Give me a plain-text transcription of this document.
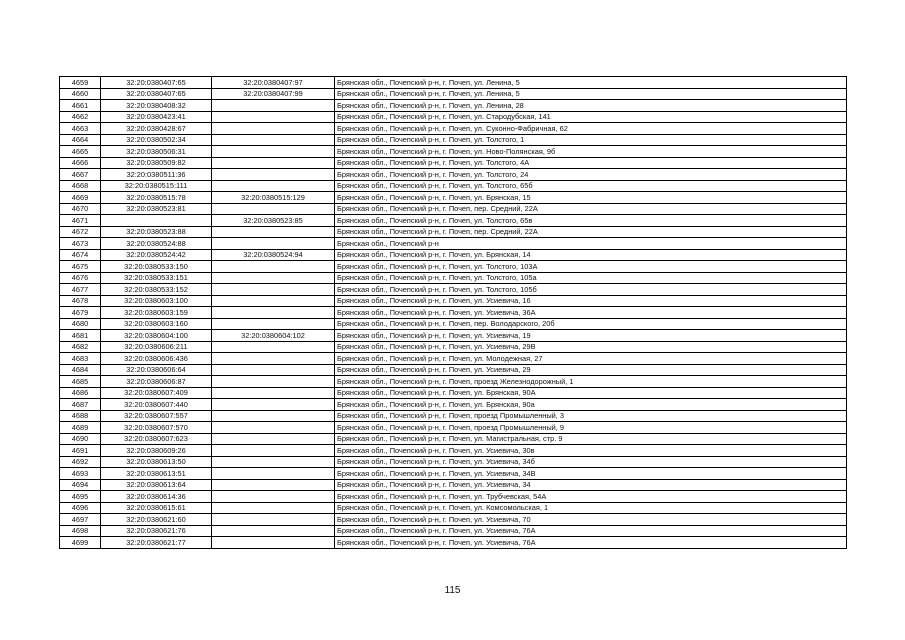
4659	32:20:0380407:65	32:20:0380407:97	Брянская обл., Почепский р-н, г. Почеп, ул. Ленина, 5
4660	32:20:0380407:65	32:20:0380407:99	Брянская обл., Почепский р-н, г. Почеп, ул. Ленина, 5
4661	32:20:0380408:32		Брянская обл., Почепский р-н, г. Почеп, ул. Ленина, 28
4662	32:20:0380423:41		Брянская обл., Почепский р-н, г. Почеп, ул. Стародубская, 141
4663	32:20:0380428:67		Брянская обл., Почепский р-н, г. Почеп, ул. Суконно-Фабричная, 62
4664	32:20:0380502:34		Брянская обл., Почепский р-н, г. Почеп, ул. Толстого, 1
4665	32:20:0380506:31		Брянская обл., Почепский р-н, г. Почеп, ул. Ново-Полянская, 9б
4666	32:20:0380509:82		Брянская обл., Почепский р-н, г. Почеп, ул. Толстого, 4А
4667	32:20:0380511:36		Брянская обл., Почепский р-н, г. Почеп, ул. Толстого, 24
4668	32:20:0380515:111		Брянская обл., Почепский р-н, г. Почеп, ул. Толстого, 65б
4669	32:20:0380515:78	32:20:0380515:129	Брянская обл., Почепский р-н, г. Почеп, ул. Брянская, 15
4670	32:20:0380523:81		Брянская обл., Почепский р-н, г. Почеп, пер. Средний, 22А
4671		32:20:0380523:85	Брянская обл., Почепский р-н, г. Почеп, ул. Толстого, 65в
4672	32:20:0380523:88		Брянская обл., Почепский р-н, г. Почеп, пер. Средний, 22А
4673	32:20:0380524:88		Брянская обл., Почепский р-н
4674	32:20:0380524:42	32:20:0380524:94	Брянская обл., Почепский р-н, г. Почеп, ул. Брянская, 14
4675	32:20:0380533:150		Брянская обл., Почепский р-н, г. Почеп, ул. Толстого, 103А
4676	32:20:0380533:151		Брянская обл., Почепский р-н, г. Почеп, ул. Толстого, 105а
4677	32:20:0380533:152		Брянская обл., Почепский р-н, г. Почеп, ул. Толстого, 105б
4678	32:20:0380603:100		Брянская обл., Почепский р-н, г. Почеп, ул. Усиевича, 16
4679	32:20:0380603:159		Брянская обл., Почепский р-н, г. Почеп, ул. Усиевича, 36А
4680	32:20:0380603:160		Брянская обл., Почепский р-н, г. Почеп, пер. Володарского, 20б
4681	32:20:0380604:100	32:20:0380604:102	Брянская обл., Почепский р-н, г. Почеп, ул. Усиевича, 19
4682	32:20:0380606:211		Брянская обл., Почепский р-н, г. Почеп, ул. Усиевича, 29В
4683	32:20:0380606:436		Брянская обл., Почепский р-н, г. Почеп, ул. Молодежная, 27
4684	32:20:0380606:64		Брянская обл., Почепский р-н, г. Почеп, ул. Усиевича, 29
4685	32:20:0380606:87		Брянская обл., Почепский р-н, г. Почеп, проезд Железнодорожный, 1
4686	32:20:0380607:409		Брянская обл., Почепский р-н, г. Почеп, ул. Брянская, 90А
4687	32:20:0380607:440		Брянская обл., Почепский р-н, г. Почеп, ул. Брянская, 90а
4688	32:20:0380607:557		Брянская обл., Почепский р-н, г. Почеп, проезд Промышленный, 3
4689	32:20:0380607:570		Брянская обл., Почепский р-н, г. Почеп, проезд Промышленный, 9
4690	32:20:0380607:623		Брянская обл., Почепский р-н, г. Почеп, ул. Магистральная, стр. 9
4691	32:20:0380609:26		Брянская обл., Почепский р-н, г. Почеп, ул. Усиевича, 30в
4692	32:20:0380613:50		Брянская обл., Почепский р-н, г. Почеп, ул. Усиевича, 34б
4693	32:20:0380613:51		Брянская обл., Почепский р-н, г. Почеп, ул. Усиевича, 34В
4694	32:20:0380613:64		Брянская обл., Почепский р-н, г. Почеп, ул. Усиевича, 34
4695	32:20:0380614:36		Брянская обл., Почепский р-н, г. Почеп, ул. Трубчевская, 54А
4696	32:20:0380615:61		Брянская обл., Почепский р-н, г. Почеп, ул. Комсомольская, 1
4697	32:20:0380621:60		Брянская обл., Почепский р-н, г. Почеп, ул. Усиевича, 70
4698	32:20:0380621:76		Брянская обл., Почепский р-н, г. Почеп, ул. Усиевича, 76А
4699	32:20:0380621:77		Брянская обл., Почепский р-н, г. Почеп, ул. Усиевича, 76А
115
